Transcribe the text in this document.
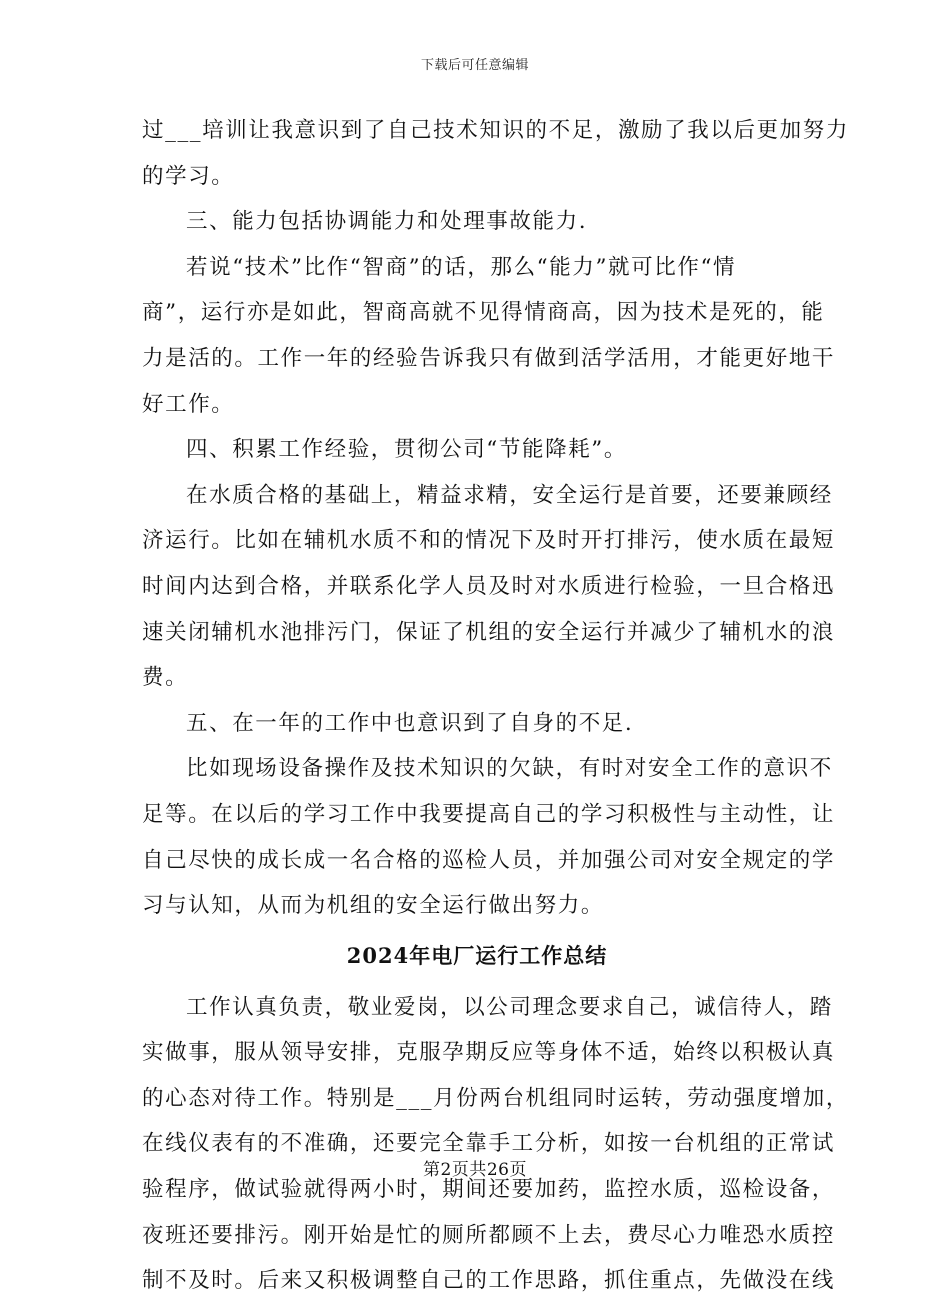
下载后可任意编辑
过___培训让我意识到了自己技术知识的不足，激励了我以后更加努力
的学习。
三、能力包括协调能力和处理事故能力.
若说“技术”比作“智商”的话，那么“能力”就可比作“情
商”，运行亦是如此，智商高就不见得情商高，因为技术是死的，能
力是活的。工作一年的经验告诉我只有做到活学活用，才能更好地干
好工作。
四、积累工作经验，贯彻公司“节能降耗”。
在水质合格的基础上，精益求精，安全运行是首要，还要兼顾经
济运行。比如在辅机水质不和的情况下及时开打排污，使水质在最短
时间内达到合格，并联系化学人员及时对水质进行检验，一旦合格迅
速关闭辅机水池排污门，保证了机组的安全运行并减少了辅机水的浪
费。
五、在一年的工作中也意识到了自身的不足.
比如现场设备操作及技术知识的欠缺，有时对安全工作的意识不
足等。在以后的学习工作中我要提高自己的学习积极性与主动性，让
自己尽快的成长成一名合格的巡检人员，并加强公司对安全规定的学
习与认知，从而为机组的安全运行做出努力。
2024年电厂运行工作总结
工作认真负责，敬业爱岗，以公司理念要求自己，诚信待人，踏
实做事，服从领导安排，克服孕期反应等身体不适，始终以积极认真
的心态对待工作。特别是___月份两台机组同时运转，劳动强度增加，
在线仪表有的不准确，还要完全靠手工分析，如按一台机组的正常试
验程序，做试验就得两小时，期间还要加药，监控水质，巡检设备，
夜班还要排污。刚开始是忙的厕所都顾不上去，费尽心力唯恐水质控
制不及时。后来又积极调整自己的工作思路，抓住重点，先做没在线
第2页共26页
